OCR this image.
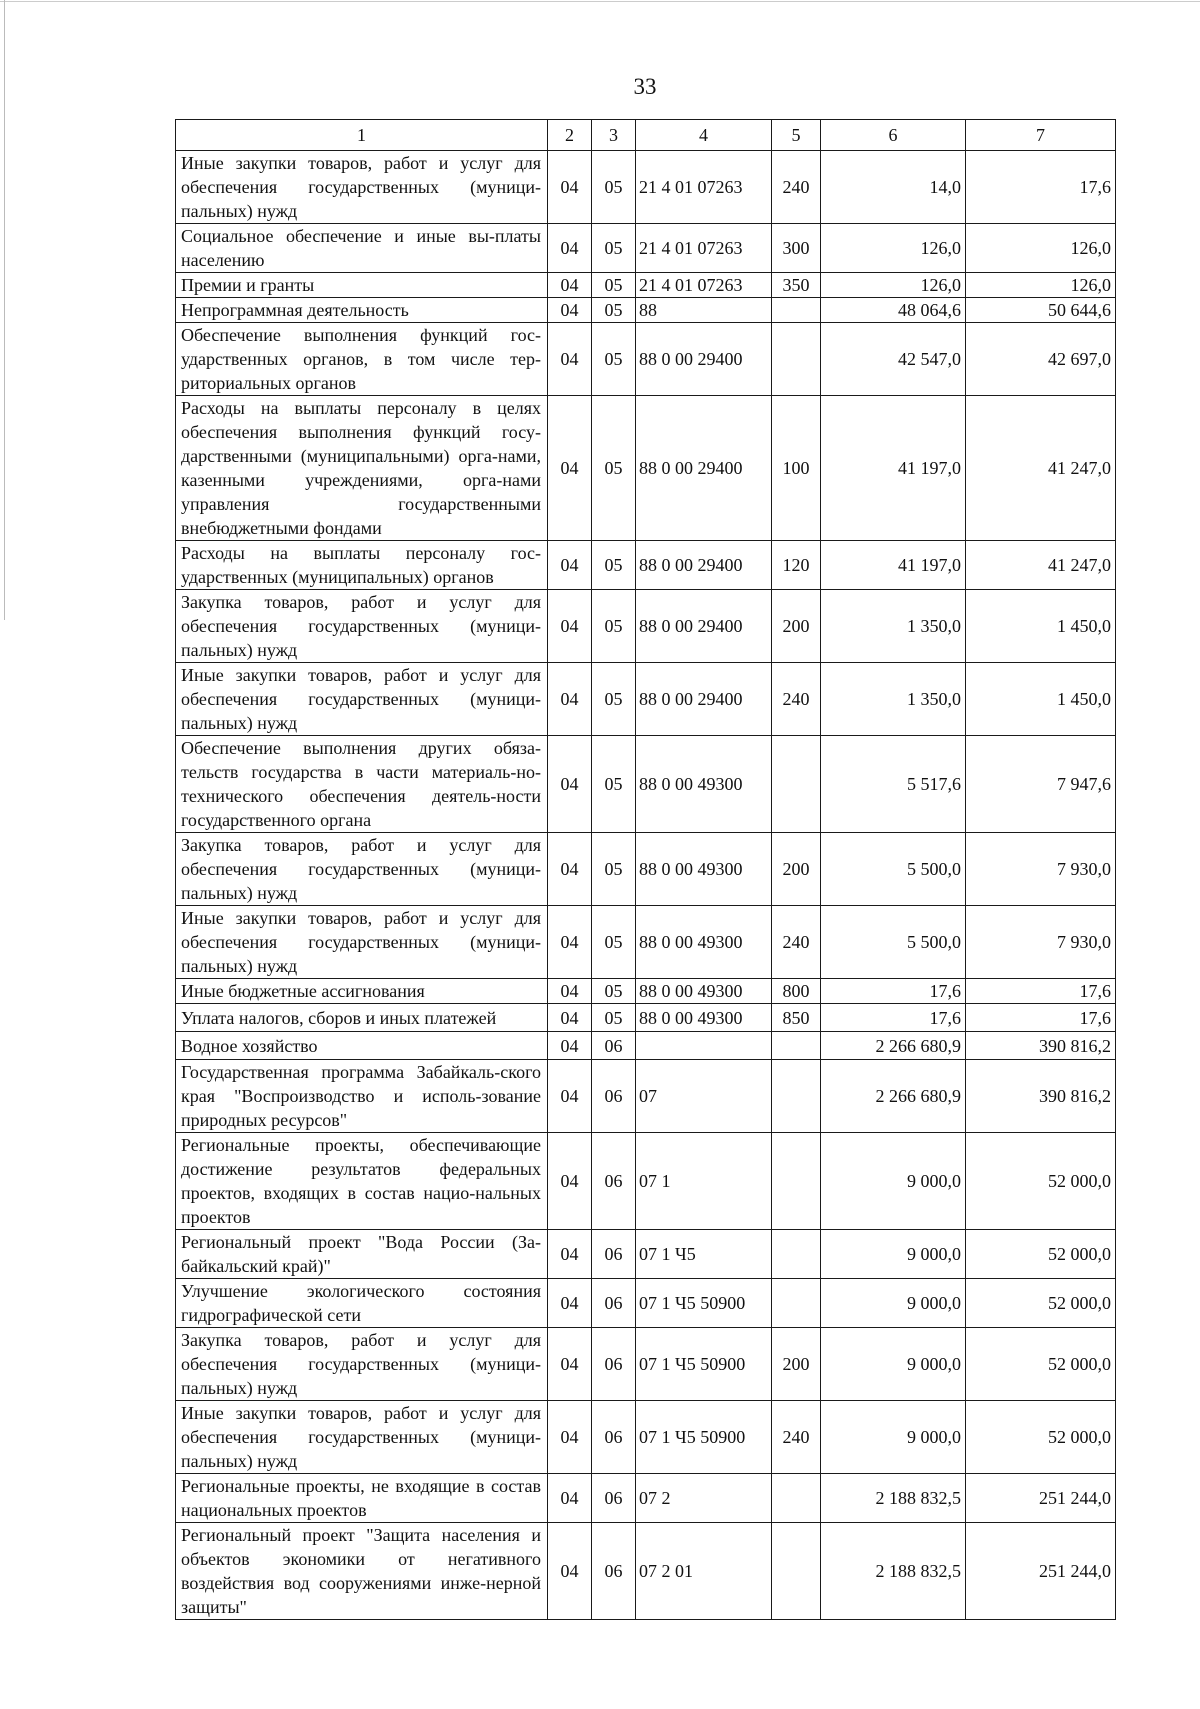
33
1	2	3	4	5	6	7
Иные закупки товаров, работ и услуг для обеспечения государственных (муници-пальных) нужд	04	05	21 4 01 07263	240	14,0	17,6
Социальное обеспечение и иные вы-платы населению	04	05	21 4 01 07263	300	126,0	126,0
Премии и гранты	04	05	21 4 01 07263	350	126,0	126,0
Непрограммная деятельность	04	05	88		48 064,6	50 644,6
Обеспечение выполнения функций гос-ударственных органов, в том числе тер-риториальных органов	04	05	88 0 00 29400		42 547,0	42 697,0
Расходы на выплаты персоналу в целях обеспечения выполнения функций госу-дарственными (муниципальными) орга-нами, казенными учреждениями, орга-нами управления государственными внебюджетными фондами	04	05	88 0 00 29400	100	41 197,0	41 247,0
Расходы на выплаты персоналу гос-ударственных (муниципальных) органов	04	05	88 0 00 29400	120	41 197,0	41 247,0
Закупка товаров, работ и услуг для обеспечения государственных (муници-пальных) нужд	04	05	88 0 00 29400	200	1 350,0	1 450,0
Иные закупки товаров, работ и услуг для обеспечения государственных (муници-пальных) нужд	04	05	88 0 00 29400	240	1 350,0	1 450,0
Обеспечение выполнения других обяза-тельств государства в части материаль-но-технического обеспечения деятель-ности государственного органа	04	05	88 0 00 49300		5 517,6	7 947,6
Закупка товаров, работ и услуг для обеспечения государственных (муници-пальных) нужд	04	05	88 0 00 49300	200	5 500,0	7 930,0
Иные закупки товаров, работ и услуг для обеспечения государственных (муници-пальных) нужд	04	05	88 0 00 49300	240	5 500,0	7 930,0
Иные бюджетные ассигнования	04	05	88 0 00 49300	800	17,6	17,6
Уплата налогов, сборов и иных платежей	04	05	88 0 00 49300	850	17,6	17,6
Водное хозяйство	04	06			2 266 680,9	390 816,2
Государственная программа Забайкаль-ского края "Воспроизводство и исполь-зование природных ресурсов"	04	06	07		2 266 680,9	390 816,2
Региональные проекты, обеспечивающие достижение результатов федеральных проектов, входящих в состав нацио-нальных проектов	04	06	07 1		9 000,0	52 000,0
Региональный проект "Вода России (За-байкальский край)"	04	06	07 1 Ч5		9 000,0	52 000,0
Улучшение экологического состояния гидрографической сети	04	06	07 1 Ч5 50900		9 000,0	52 000,0
Закупка товаров, работ и услуг для обеспечения государственных (муници-пальных) нужд	04	06	07 1 Ч5 50900	200	9 000,0	52 000,0
Иные закупки товаров, работ и услуг для обеспечения государственных (муници-пальных) нужд	04	06	07 1 Ч5 50900	240	9 000,0	52 000,0
Региональные проекты, не входящие в состав национальных проектов	04	06	07 2		2 188 832,5	251 244,0
Региональный проект "Защита населения и объектов экономики от негативного воздействия вод сооружениями инже-нерной защиты"	04	06	07 2 01		2 188 832,5	251 244,0
